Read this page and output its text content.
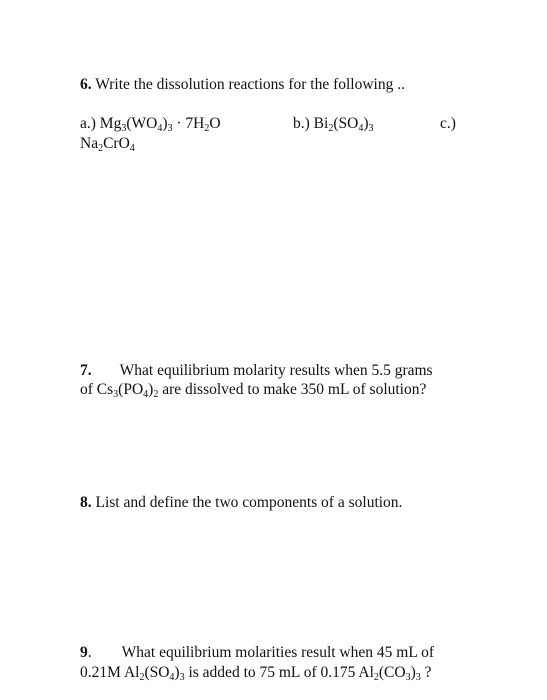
6. Write the dissolution reactions for the following ..
a.) $Mg_3(WO_4)_3 \cdot 7H_2O$	b.) $Bi_2(SO_4)_3$	c.)
$Na_2CrO_4$
7. What equilibrium molarity results when 5.5 grams
of $Cs_3(PO_4)_2$ are dissolved to make 350 mL of solution?
8. List and define the two components of a solution.
9. What equilibrium molarities result when 45 mL of
0.21M $Al_2(SO_4)_3$ is added to 75 mL of 0.175 $Al_2(CO_3)_3$ ?
